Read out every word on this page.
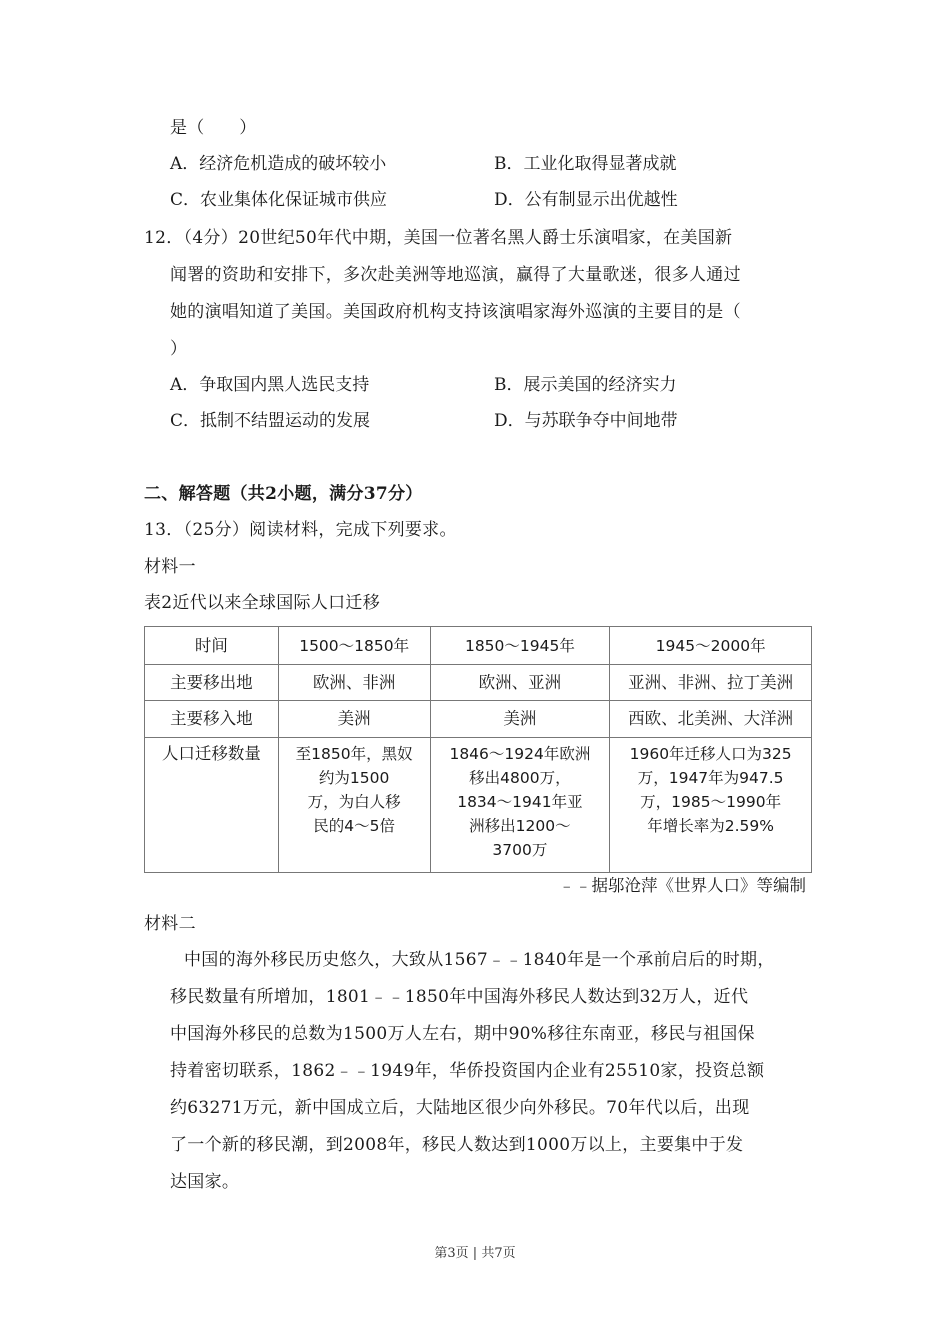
是（　　）
A．经济危机造成的破坏较小	B．工业化取得显著成就
C．农业集体化保证城市供应	D．公有制显示出优越性
12．（4分）20世纪50年代中期，美国一位著名黑人爵士乐演唱家，在美国新
闻署的资助和安排下，多次赴美洲等地巡演，赢得了大量歌迷，很多人通过
她的演唱知道了美国。美国政府机构支持该演唱家海外巡演的主要目的是（
）
A．争取国内黑人选民支持	B．展示美国的经济实力
C．抵制不结盟运动的发展	D．与苏联争夺中间地带
二、解答题（共2小题，满分37分）
13．（25分）阅读材料，完成下列要求。
材料一
表2近代以来全球国际人口迁移
时间	1500～1850年	1850～1945年	1945～2000年
主要移出地	欧洲、非洲	欧洲、亚洲	亚洲、非洲、拉丁美洲
主要移入地	美洲	美洲	西欧、北美洲、大洋洲
人口迁移数量	至1850年，黑奴
约为1500
万，为白人移
民的4～5倍	1846～1924年欧洲
移出4800万，
1834～1941年亚
洲移出1200～
3700万	1960年迁移人口为325
万，1947年为947.5
万，1985～1990年
年增长率为2.59%
﹣﹣据邬沧萍《世界人口》等编制
材料二
中国的海外移民历史悠久，大致从1567﹣﹣1840年是一个承前启后的时期，
移民数量有所增加，1801﹣﹣1850年中国海外移民人数达到32万人，近代
中国海外移民的总数为1500万人左右，期中90%移往东南亚，移民与祖国保
持着密切联系，1862﹣﹣1949年，华侨投资国内企业有25510家，投资总额
约63271万元，新中国成立后，大陆地区很少向外移民。70年代以后，出现
了一个新的移民潮，到2008年，移民人数达到1000万以上，主要集中于发
达国家。
第3页 | 共7页
